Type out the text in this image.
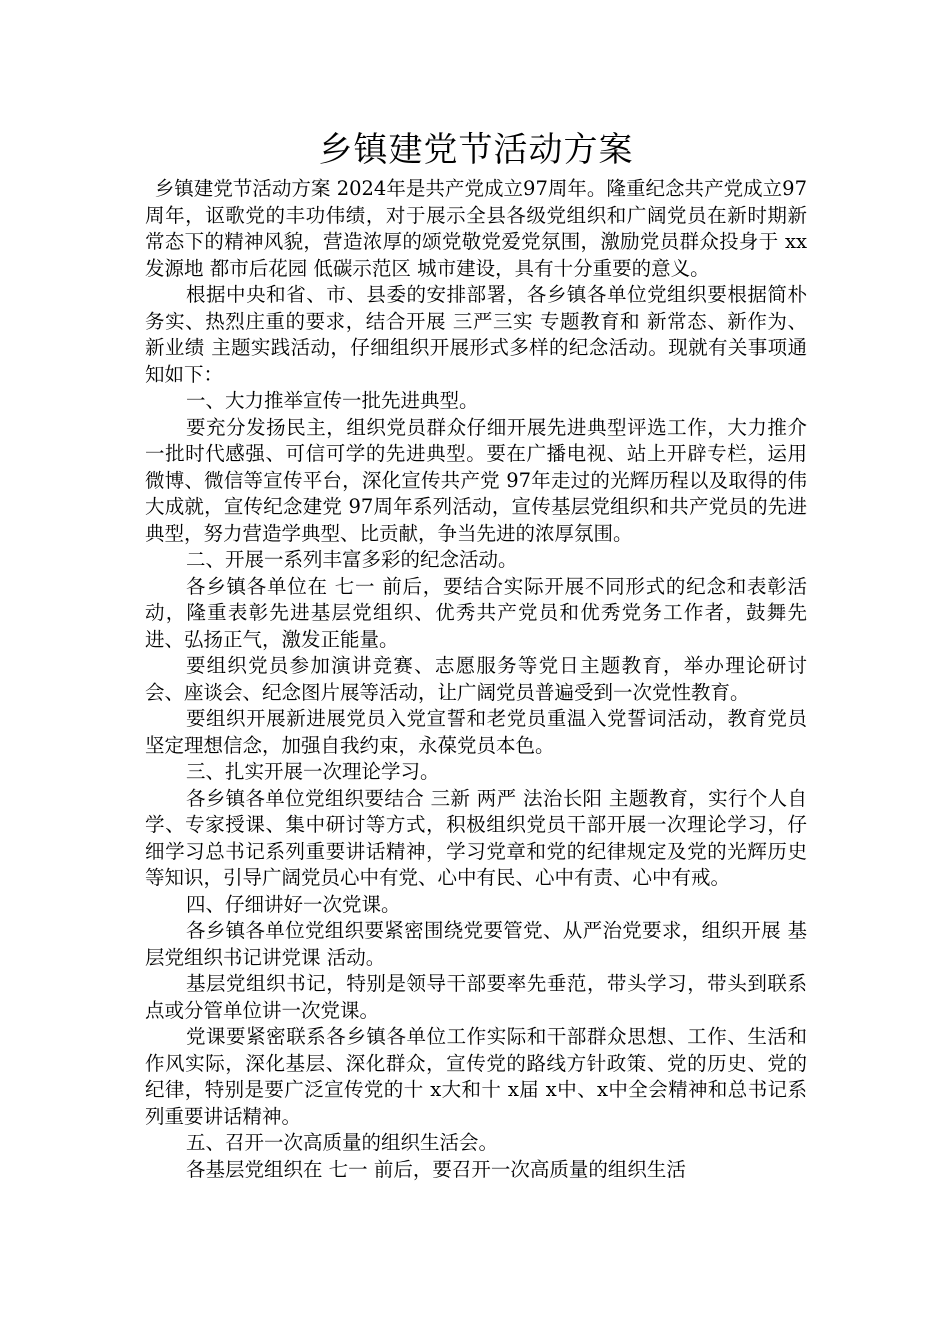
乡镇建党节活动方案

乡镇建党节活动方案 2024年是共产党成立97周年。隆重纪念共产党成立97周年，讴歌党的丰功伟绩，对于展示全县各级党组织和广阔党员在新时期新常态下的精神风貌，营造浓厚的颂党敬党爱党氛围，激励党员群众投身于 xx发源地 都市后花园 低碳示范区 城市建设，具有十分重要的意义。

根据中央和省、市、县委的安排部署，各乡镇各单位党组织要根据简朴务实、热烈庄重的要求，结合开展 三严三实 专题教育和 新常态、新作为、新业绩 主题实践活动，仔细组织开展形式多样的纪念活动。现就有关事项通知如下：

一、大力推举宣传一批先进典型。

要充分发扬民主，组织党员群众仔细开展先进典型评选工作，大力推介一批时代感强、可信可学的先进典型。要在广播电视、站上开辟专栏，运用微博、微信等宣传平台，深化宣传共产党 97年走过的光辉历程以及取得的伟大成就，宣传纪念建党 97周年系列活动，宣传基层党组织和共产党员的先进典型，努力营造学典型、比贡献，争当先进的浓厚氛围。

二、开展一系列丰富多彩的纪念活动。

各乡镇各单位在 七一 前后，要结合实际开展不同形式的纪念和表彰活动，隆重表彰先进基层党组织、优秀共产党员和优秀党务工作者，鼓舞先进、弘扬正气，激发正能量。

要组织党员参加演讲竞赛、志愿服务等党日主题教育，举办理论研讨会、座谈会、纪念图片展等活动，让广阔党员普遍受到一次党性教育。

要组织开展新进展党员入党宣誓和老党员重温入党誓词活动，教育党员坚定理想信念，加强自我约束，永葆党员本色。

三、扎实开展一次理论学习。

各乡镇各单位党组织要结合 三新 两严 法治长阳 主题教育，实行个人自学、专家授课、集中研讨等方式，积极组织党员干部开展一次理论学习，仔细学习总书记系列重要讲话精神，学习党章和党的纪律规定及党的光辉历史等知识，引导广阔党员心中有党、心中有民、心中有责、心中有戒。

四、仔细讲好一次党课。

各乡镇各单位党组织要紧密围绕党要管党、从严治党要求，组织开展 基层党组织书记讲党课 活动。

基层党组织书记，特别是领导干部要率先垂范，带头学习，带头到联系点或分管单位讲一次党课。

党课要紧密联系各乡镇各单位工作实际和干部群众思想、工作、生活和作风实际，深化基层、深化群众，宣传党的路线方针政策、党的历史、党的纪律，特别是要广泛宣传党的十 x大和十 x届 x中、x中全会精神和总书记系列重要讲话精神。

五、召开一次高质量的组织生活会。

各基层党组织在 七一 前后，要召开一次高质量的组织生活
